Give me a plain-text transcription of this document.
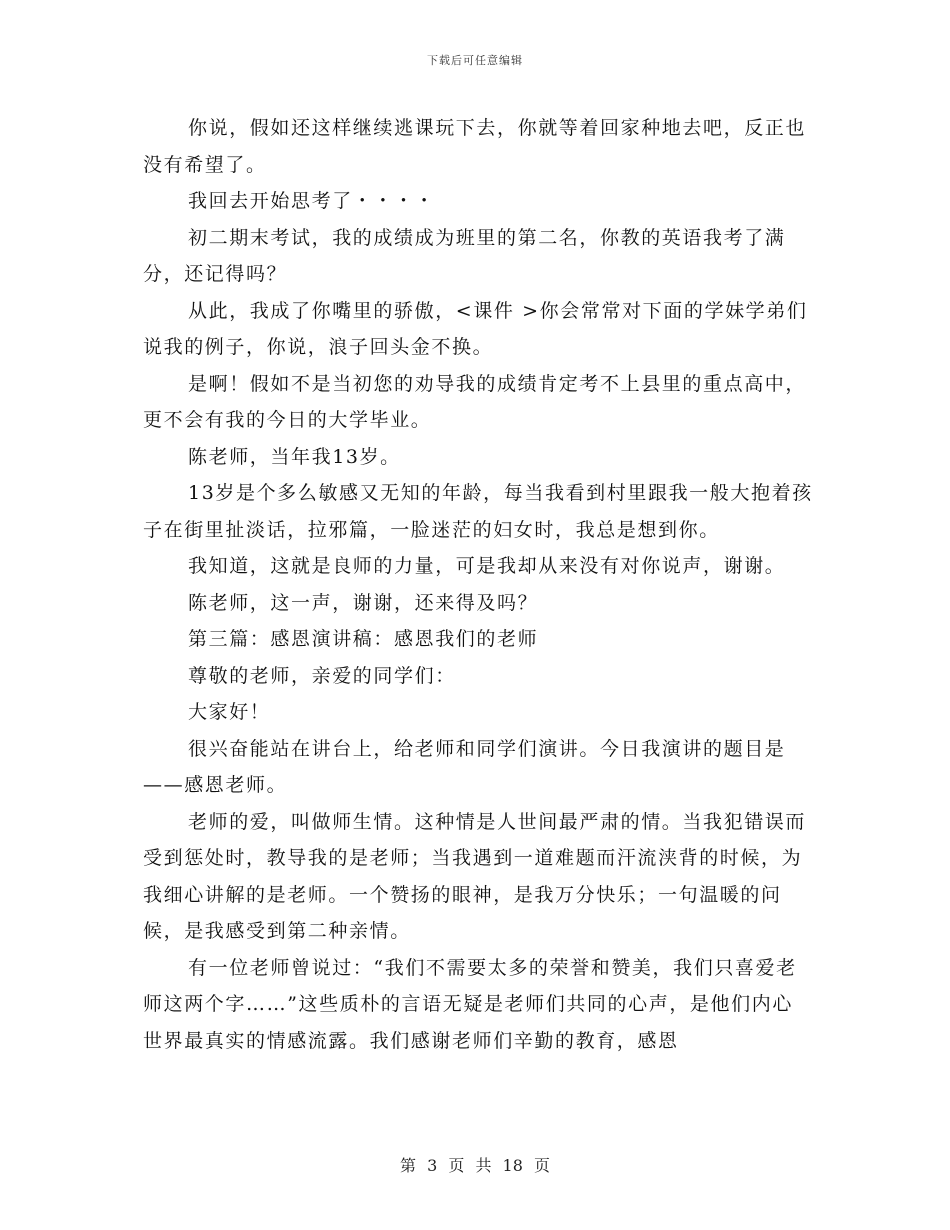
下载后可任意编辑

你说，假如还这样继续逃课玩下去，你就等着回家种地去吧，反正也没有希望了。

我回去开始思考了・・・・

初二期末考试，我的成绩成为班里的第二名，你教的英语我考了满分，还记得吗？

从此，我成了你嘴里的骄傲，<课件 >你会常常对下面的学妹学弟们说我的例子，你说，浪子回头金不换。

是啊！假如不是当初您的劝导我的成绩肯定考不上县里的重点高中，更不会有我的今日的大学毕业。

陈老师，当年我13岁。

13岁是个多么敏感又无知的年龄，每当我看到村里跟我一般大抱着孩子在街里扯淡话，拉邪篇，一脸迷茫的妇女时，我总是想到你。

我知道，这就是良师的力量，可是我却从来没有对你说声，谢谢。

陈老师，这一声，谢谢，还来得及吗？

第三篇：感恩演讲稿：感恩我们的老师

尊敬的老师，亲爱的同学们：

大家好！

很兴奋能站在讲台上，给老师和同学们演讲。今日我演讲的题目是——感恩老师。

老师的爱，叫做师生情。这种情是人世间最严肃的情。当我犯错误而受到惩处时，教导我的是老师；当我遇到一道难题而汗流浃背的时候，为我细心讲解的是老师。一个赞扬的眼神，是我万分快乐；一句温暖的问候，是我感受到第二种亲情。

有一位老师曾说过：“我们不需要太多的荣誉和赞美，我们只喜爱老师这两个字……”这些质朴的言语无疑是老师们共同的心声，是他们内心世界最真实的情感流露。我们感谢老师们辛勤的教育，感恩

第 3 页 共 18 页
